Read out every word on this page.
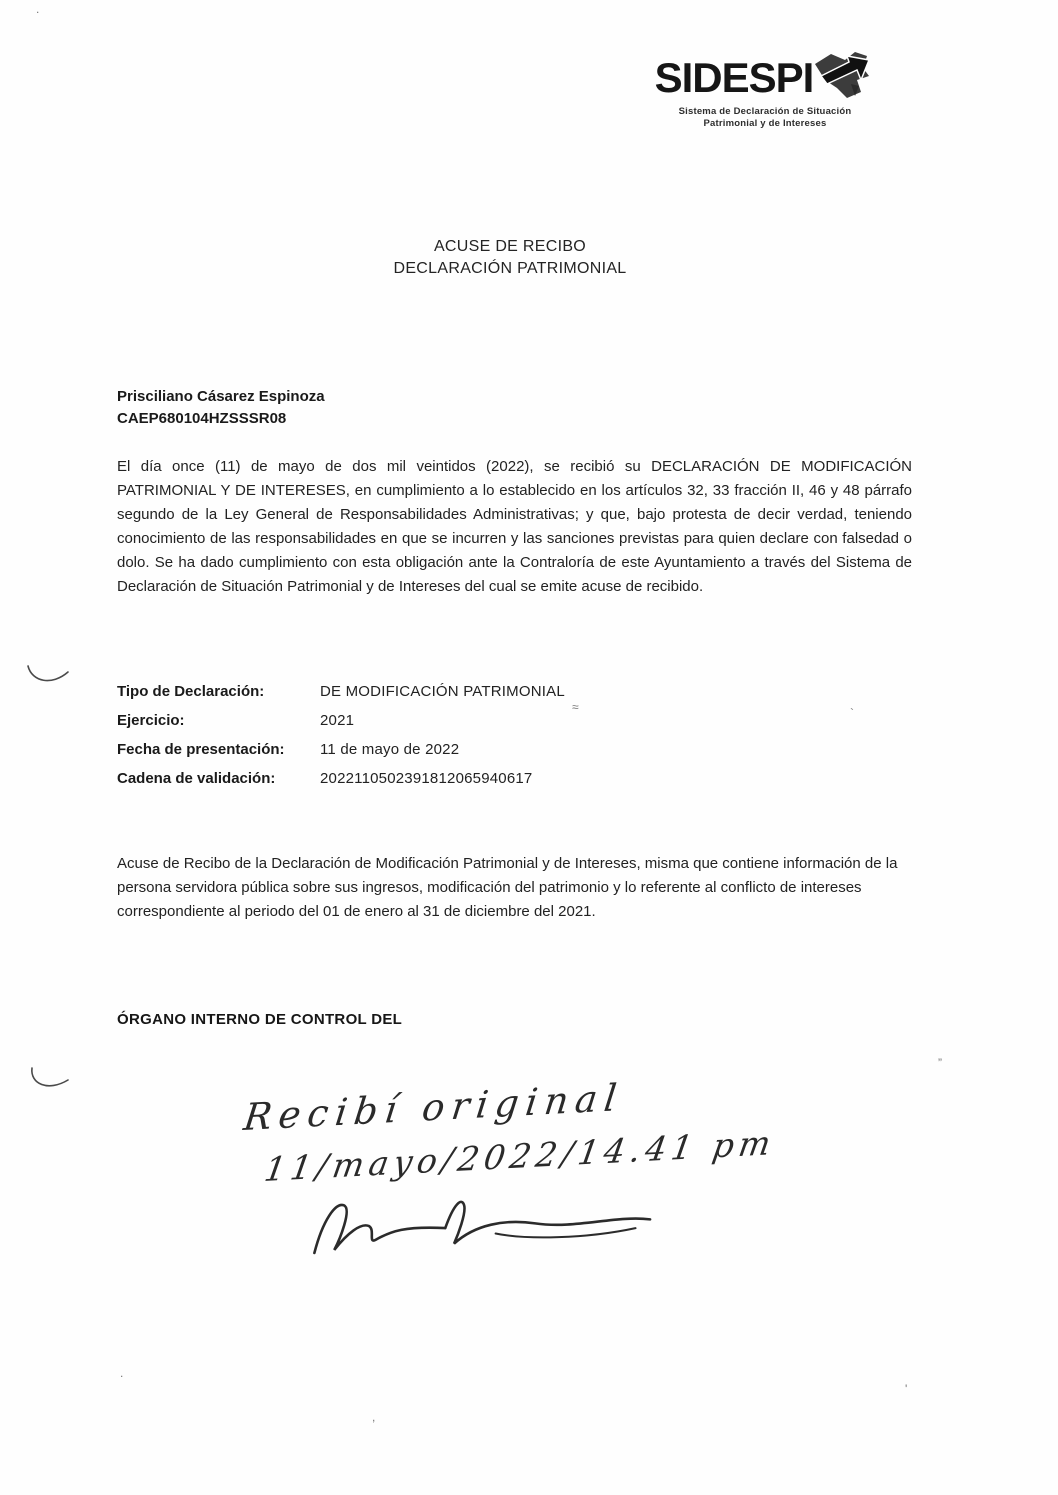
SIDESPI
Sistema de Declaración de Situación
Patrimonial y de Intereses
ACUSE DE RECIBO
DECLARACIÓN PATRIMONIAL
Prisciliano Cásarez Espinoza
CAEP680104HZSSSR08
El día once (11) de mayo de dos mil veintidos (2022), se recibió su DECLARACIÓN DE MODIFICACIÓN PATRIMONIAL Y DE INTERESES, en cumplimiento a lo establecido en los artículos 32, 33 fracción II, 46 y 48 párrafo segundo de la Ley General de Responsabilidades Administrativas; y que, bajo protesta de decir verdad, teniendo conocimiento de las responsabilidades en que se incurren y las sanciones previstas para quien declare con falsedad o dolo. Se ha dado cumplimiento con esta obligación ante la Contraloría de este Ayuntamiento a través del Sistema de Declaración de Situación Patrimonial y de Intereses del cual se emite acuse de recibido.
Tipo de Declaración:	DE MODIFICACIÓN PATRIMONIAL
Ejercicio:	2021
Fecha de presentación:	11 de mayo de 2022
Cadena de validación:	2022110502391812065940617
Acuse de Recibo de la Declaración de Modificación Patrimonial y de Intereses, misma que contiene información de la persona servidora pública sobre sus ingresos, modificación del patrimonio y lo referente al conflicto de intereses correspondiente al periodo del 01 de enero al 31 de diciembre del 2021.
ÓRGANO INTERNO DE CONTROL DEL
Recibí original
11/mayo/2022/14.41 pm
.
≈	`
”
'
,
.
